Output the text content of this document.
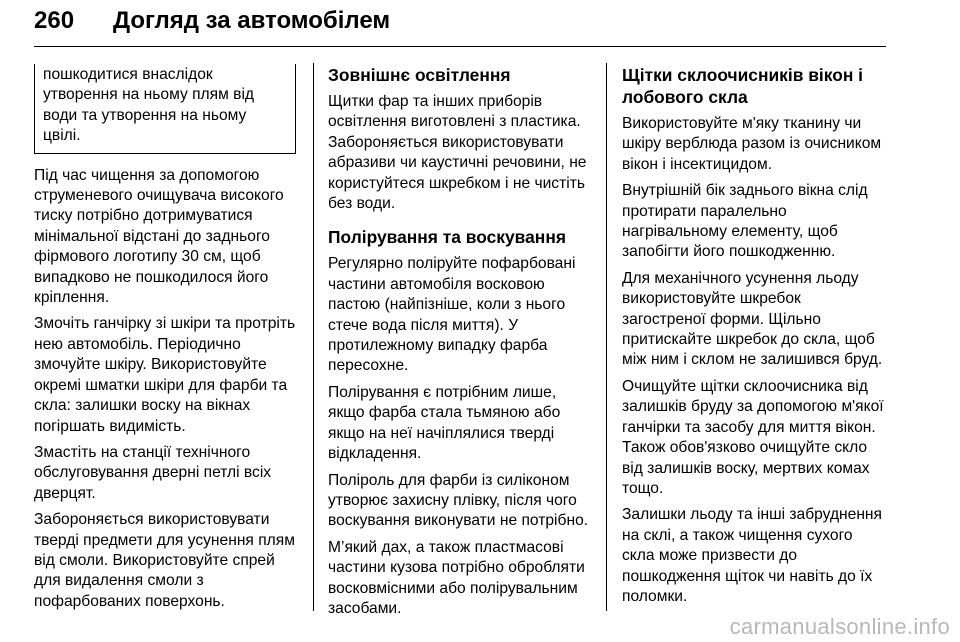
260 Догляд за автомобілем

пошкодитися внаслідок

утворення на ньому плям від

води та утворення на ньому

цвілі.

Під час чищення за допомогою струменевого очищувача високого тиску потрібно дотримуватися мінімальної відстані до заднього фірмового логотипу 30 см, щоб випадково не пошкодилося його кріплення.

Змочіть ганчірку зі шкіри та протріть нею автомобіль. Періодично змочуйте шкіру. Використовуйте окремі шматки шкіри для фарби та скла: залишки воску на вікнах погіршать видимість.

Змастіть на станції технічного обслуговування дверні петлі всіх дверцят.

Забороняється використовувати тверді предмети для усунення плям від смоли. Використовуйте спрей для видалення смоли з пофарбованих поверхонь.

Зовнішнє освітлення

Щитки фар та інших приборів освітлення виготовлені з пластика. Забороняється використовувати абразиви чи каустичні речовини, не користуйтеся шкребком і не чистіть без води.

Полірування та воскування

Регулярно поліруйте пофарбовані частини автомобіля восковою пастою (найпізніше, коли з нього стече вода після миття). У протилежному випадку фарба пересохне.

Полірування є потрібним лише, якщо фарба стала тьмяною або якщо на неї начіплялися тверді відкладення.

Поліроль для фарби із силіконом утворює захисну плівку, після чого воскування виконувати не потрібно.

М’який дах, а також пластмасові частини кузова потрібно обробляти восковмісними або полірувальним засобами.

Щітки склоочисників вікон і лобового скла

Використовуйте м'яку тканину чи шкіру верблюда разом із очисником вікон і інсектицидом.

Внутрішній бік заднього вікна слід протирати паралельно нагрівальному елементу, щоб запобігти його пошкодженню.

Для механічного усунення льоду використовуйте шкребок загостреної форми. Щільно притискайте шкребок до скла, щоб між ним і склом не залишився бруд.

Очищуйте щітки склоочисника від залишків бруду за допомогою м'якої ганчірки та засобу для миття вікон. Також обов'язково очищуйте скло від залишків воску, мертвих комах тощо.

Залишки льоду та інші забруднення на склі, а також чищення сухого скла може призвести до пошкодження щіток чи навіть до їх поломки.

carmanualsonline.info
